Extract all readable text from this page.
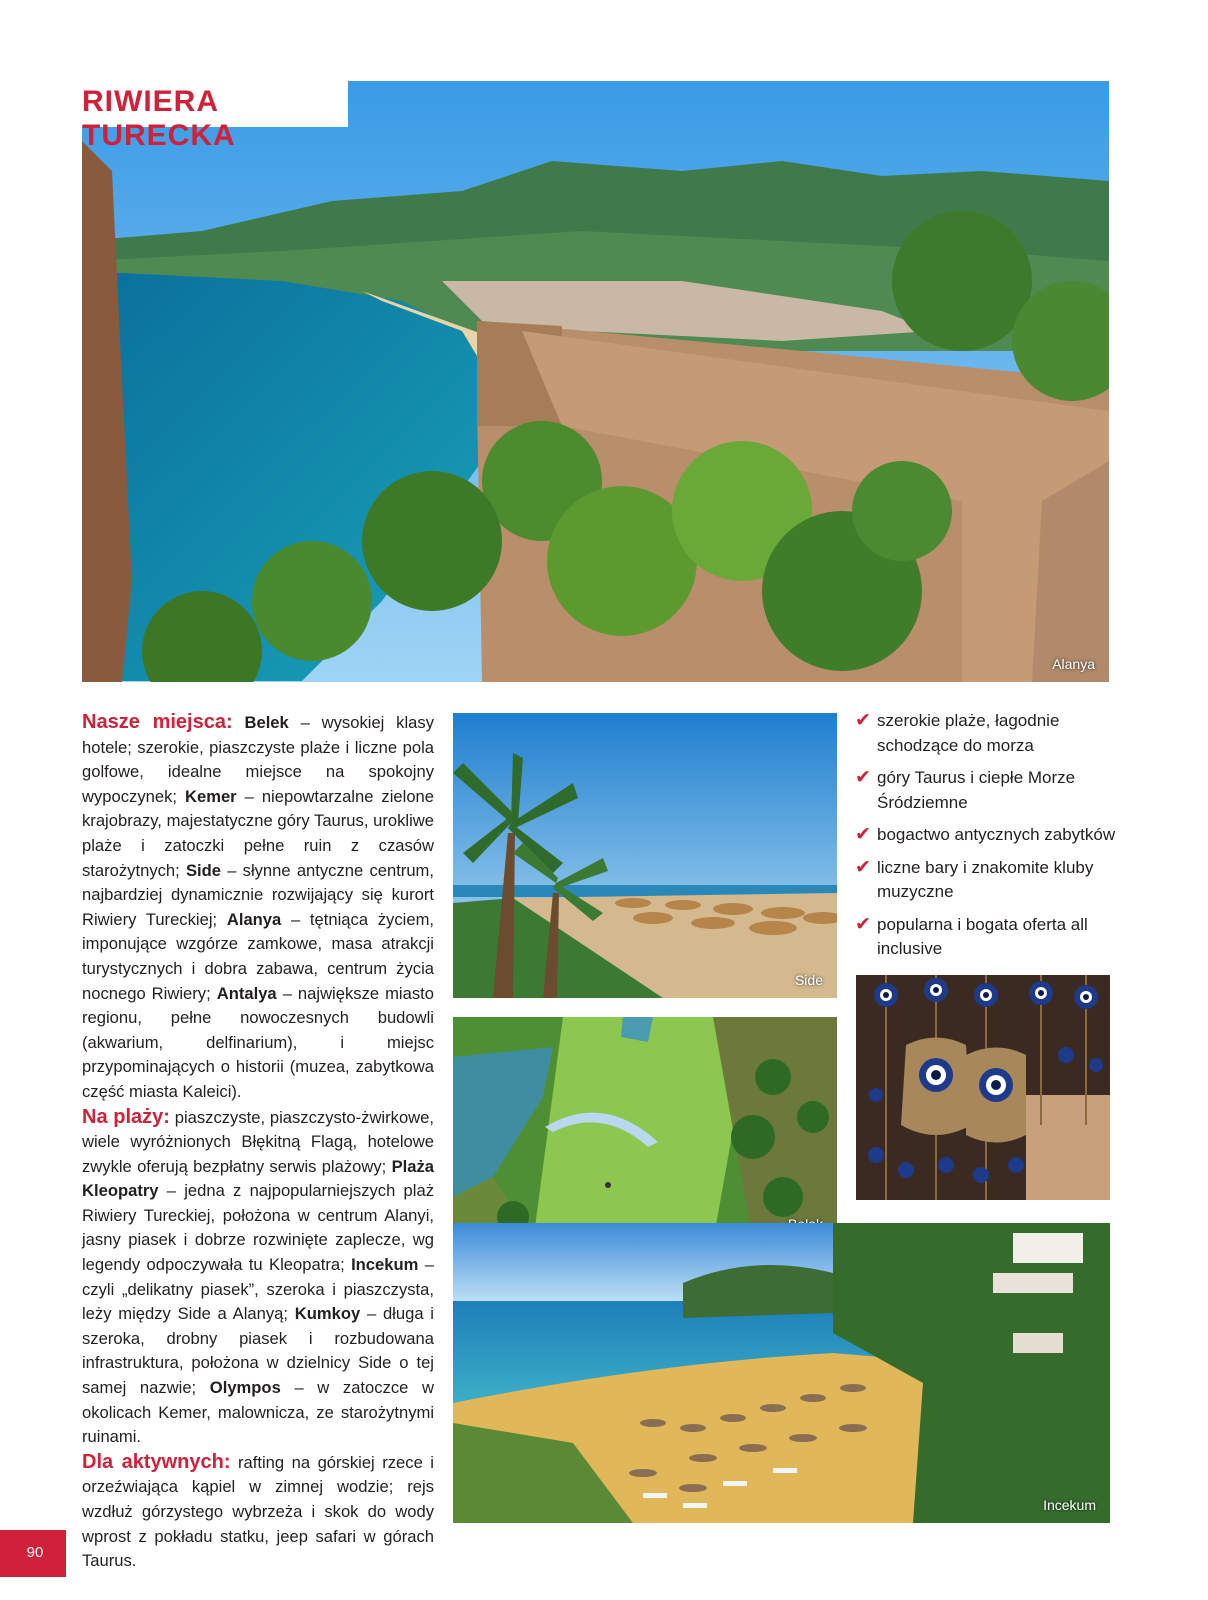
Alanya
RIWIERA TURECKA

Nasze miejsca: Belek – wysokiej klasy hotele; szerokie, piaszczyste plaże i liczne pola golfowe, idealne miejsce na spokojny wypoczynek; Kemer – niepowtarzalne zielone krajobrazy, majestatyczne góry Taurus, urokliwe plaże i zatoczki pełne ruin z czasów starożytnych; Side – słynne antyczne centrum, najbardziej dynamicznie rozwijający się kurort Riwiery Tureckiej; Alanya – tętniąca życiem, imponujące wzgórze zamkowe, masa atrakcji turystycznych i dobra zabawa, centrum życia nocnego Riwiery; Antalya – największe miasto regionu, pełne nowoczesnych budowli (akwarium, delfinarium), i miejsc przypominających o historii (muzea, zabytkowa część miasta Kaleici).

Na plaży: piaszczyste, piaszczysto-żwirkowe, wiele wyróżnionych Błękitną Flagą, hotelowe zwykle oferują bezpłatny serwis plażowy; Plaża Kleopatry – jedna z najpopularniejszych plaż Riwiery Tureckiej, położona w centrum Alanyi, jasny piasek i dobrze rozwinięte zaplecze, wg legendy odpoczywała tu Kleopatra; Incekum – czyli „delikatny piasek”, szeroka i piaszczysta, leży między Side a Alanyą; Kumkoy – długa i szeroka, drobny piasek i rozbudowana infrastruktura, położona w dzielnicy Side o tej samej nazwie; Olympos – w zatoczce w okolicach Kemer, malownicza, ze starożytnymi ruinami.

Dla aktywnych: rafting na górskiej rzece i orzeźwiająca kąpiel w zimnej wodzie; rejs wzdłuż górzystego wybrzeża i skok do wody wprost z pokładu statku, jeep safari w górach Taurus.

Side
Incekum
✔ szerokie plaże, łagodnie schodzące do morza
✔ góry Taurus i ciepłe Morze Śródziemne
✔ bogactwo antycznych zabytków
✔ liczne bary i znakomite kluby muzyczne
✔ popularna i bogata oferta all inclusive
90
